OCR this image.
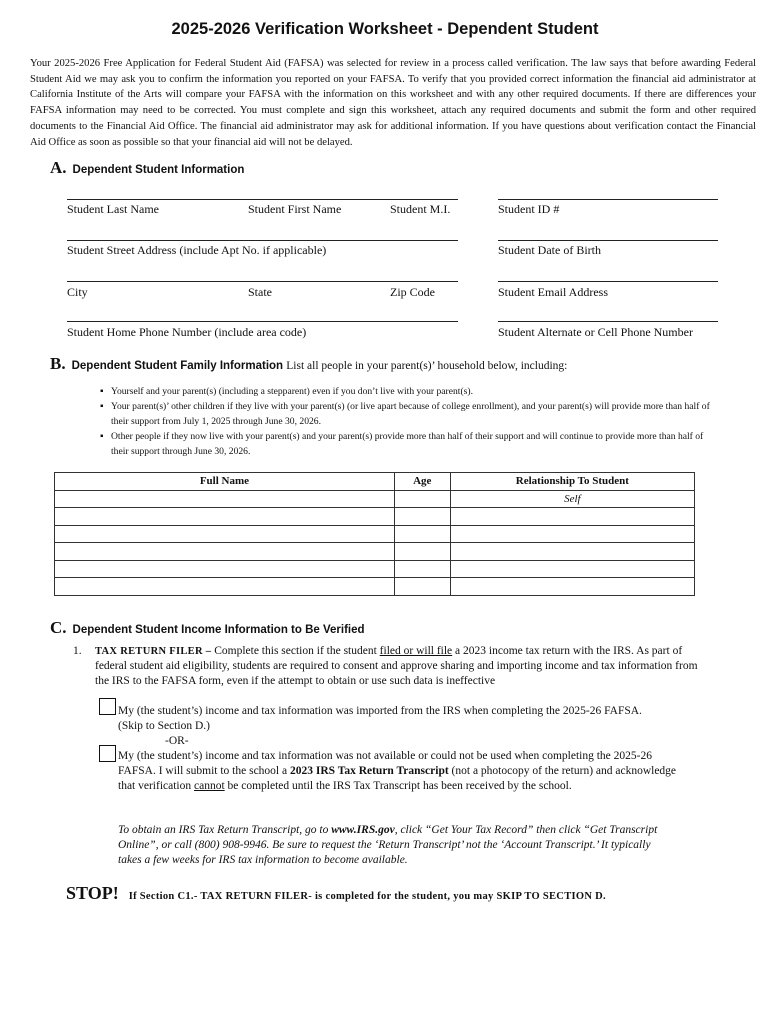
2025-2026 Verification Worksheet - Dependent Student
Your 2025-2026 Free Application for Federal Student Aid (FAFSA) was selected for review in a process called verification. The law says that before awarding Federal Student Aid we may ask you to confirm the information you reported on your FAFSA. To verify that you provided correct information the financial aid administrator at California Institute of the Arts will compare your FAFSA with the information on this worksheet and with any other required documents. If there are differences your FAFSA information may need to be corrected. You must complete and sign this worksheet, attach any required documents and submit the form and other required documents to the Financial Aid Office. The financial aid administrator may ask for additional information. If you have questions about verification contact the Financial Aid Office as soon as possible so that your financial aid will not be delayed.
A. Dependent Student Information
Student Last Name	Student First Name	Student M.I.	Student ID #
Student Street Address (include Apt No. if applicable)	Student Date of Birth
City	State	Zip Code	Student Email Address
Student Home Phone Number (include area code)	Student Alternate or Cell Phone Number
B. Dependent Student Family Information List all people in your parent(s)’ household below, including:
▪ Yourself and your parent(s) (including a stepparent) even if you don’t live with your parent(s).
▪ Your parent(s)’ other children if they live with your parent(s) (or live apart because of college enrollment), and your parent(s) will provide more than half of their support from July 1, 2025 through June 30, 2026.
▪ Other people if they now live with your parent(s) and your parent(s) provide more than half of their support and will continue to provide more than half of their support through June 30, 2026.
Full Name	Age	Relationship To Student
		Self

C. Dependent Student Income Information to Be Verified
1. TAX RETURN FILER – Complete this section if the student filed or will file a 2023 income tax return with the IRS. As part of federal student aid eligibility, students are required to consent and approve sharing and importing income and tax information from the IRS to the FAFSA form, even if the attempt to obtain or use such data is ineffective
My (the student’s) income and tax information was imported from the IRS when completing the 2025-26 FAFSA. (Skip to Section D.)
-OR-
My (the student’s) income and tax information was not available or could not be used when completing the 2025-26 FAFSA. I will submit to the school a 2023 IRS Tax Return Transcript (not a photocopy of the return) and acknowledge that verification cannot be completed until the IRS Tax Transcript has been received by the school.
To obtain an IRS Tax Return Transcript, go to www.IRS.gov, click “Get Your Tax Record” then click “Get Transcript Online”, or call (800) 908-9946. Be sure to request the ‘Return Transcript’ not the ‘Account Transcript.’ It typically takes a few weeks for IRS tax information to become available.
STOP! If Section C1.- TAX RETURN FILER- is completed for the student, you may SKIP TO SECTION D.
